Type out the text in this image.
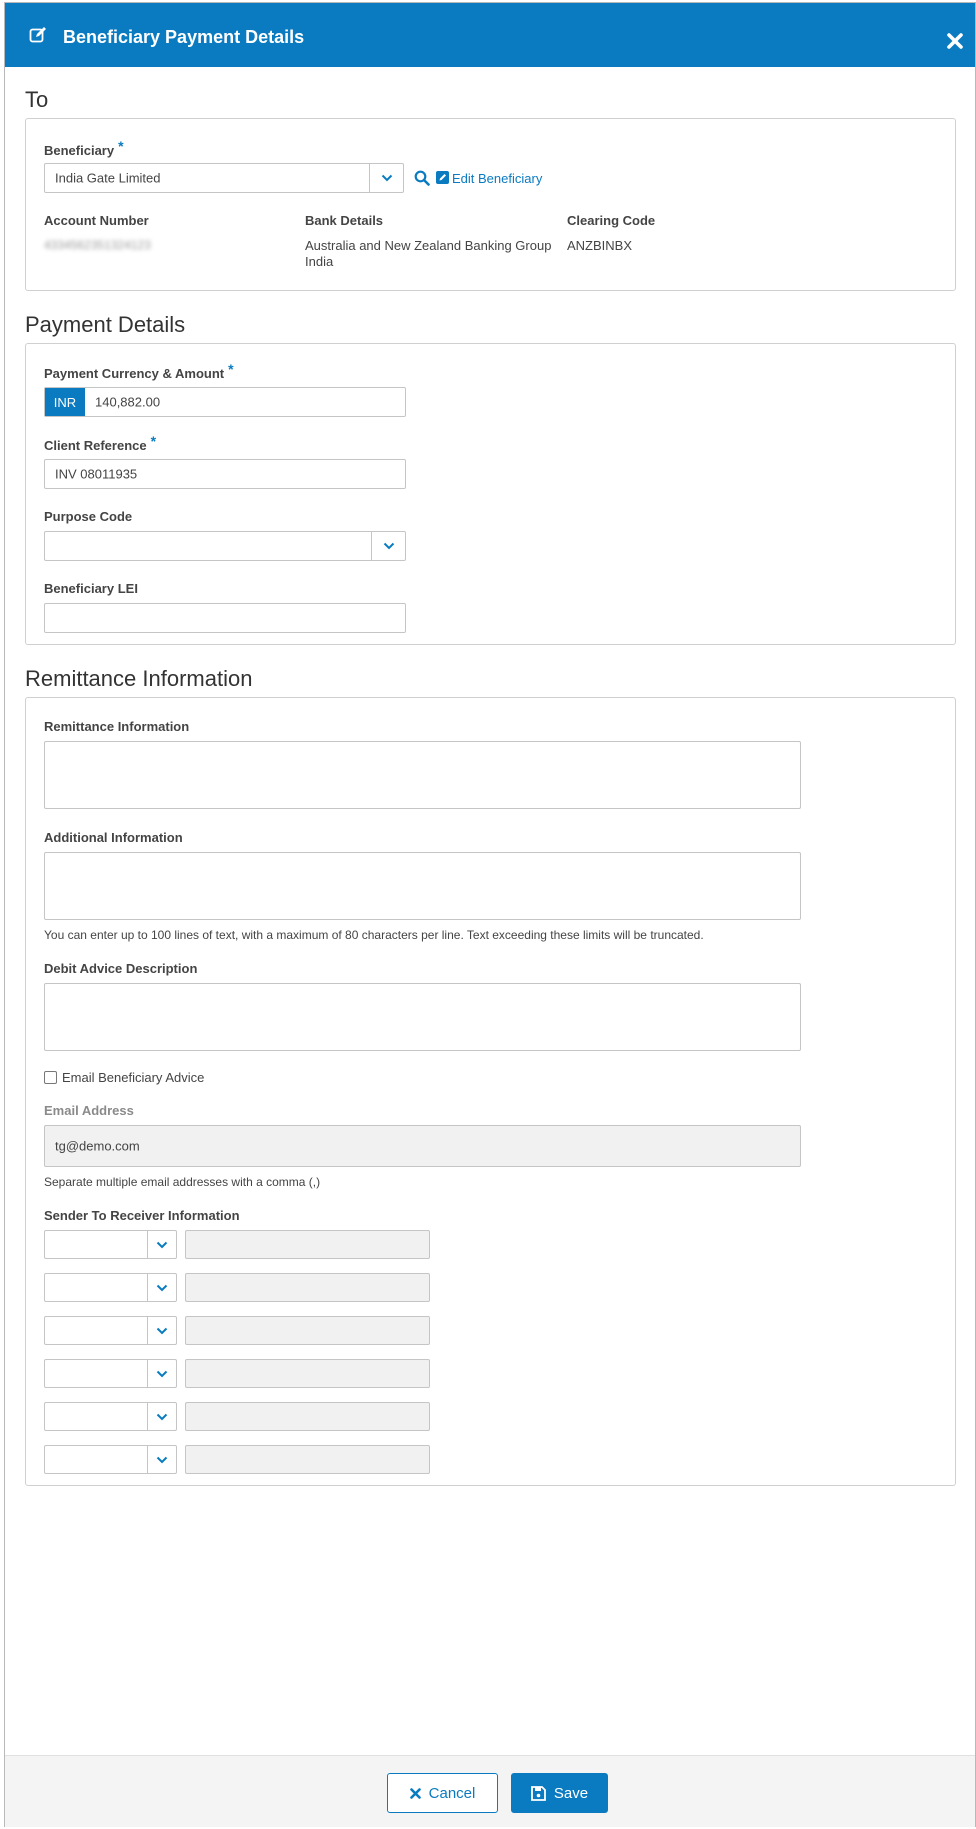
Beneficiary Payment Details
To
Beneficiary *
India Gate Limited	Edit Beneficiary
Account Number
4334562351324123
Bank Details
Australia and New Zealand Banking Group
India
Clearing Code
ANZBINBX
Payment Details
Payment Currency & Amount *
INR	140,882.00
Client Reference *
INV 08011935
Purpose Code
Beneficiary LEI
Remittance Information
Remittance Information
Additional Information
You can enter up to 100 lines of text, with a maximum of 80 characters per line. Text exceeding these limits will be truncated.
Debit Advice Description
Email Beneficiary Advice
Email Address
tg@demo.com
Separate multiple email addresses with a comma (,)
Sender To Receiver Information
Cancel	Save
